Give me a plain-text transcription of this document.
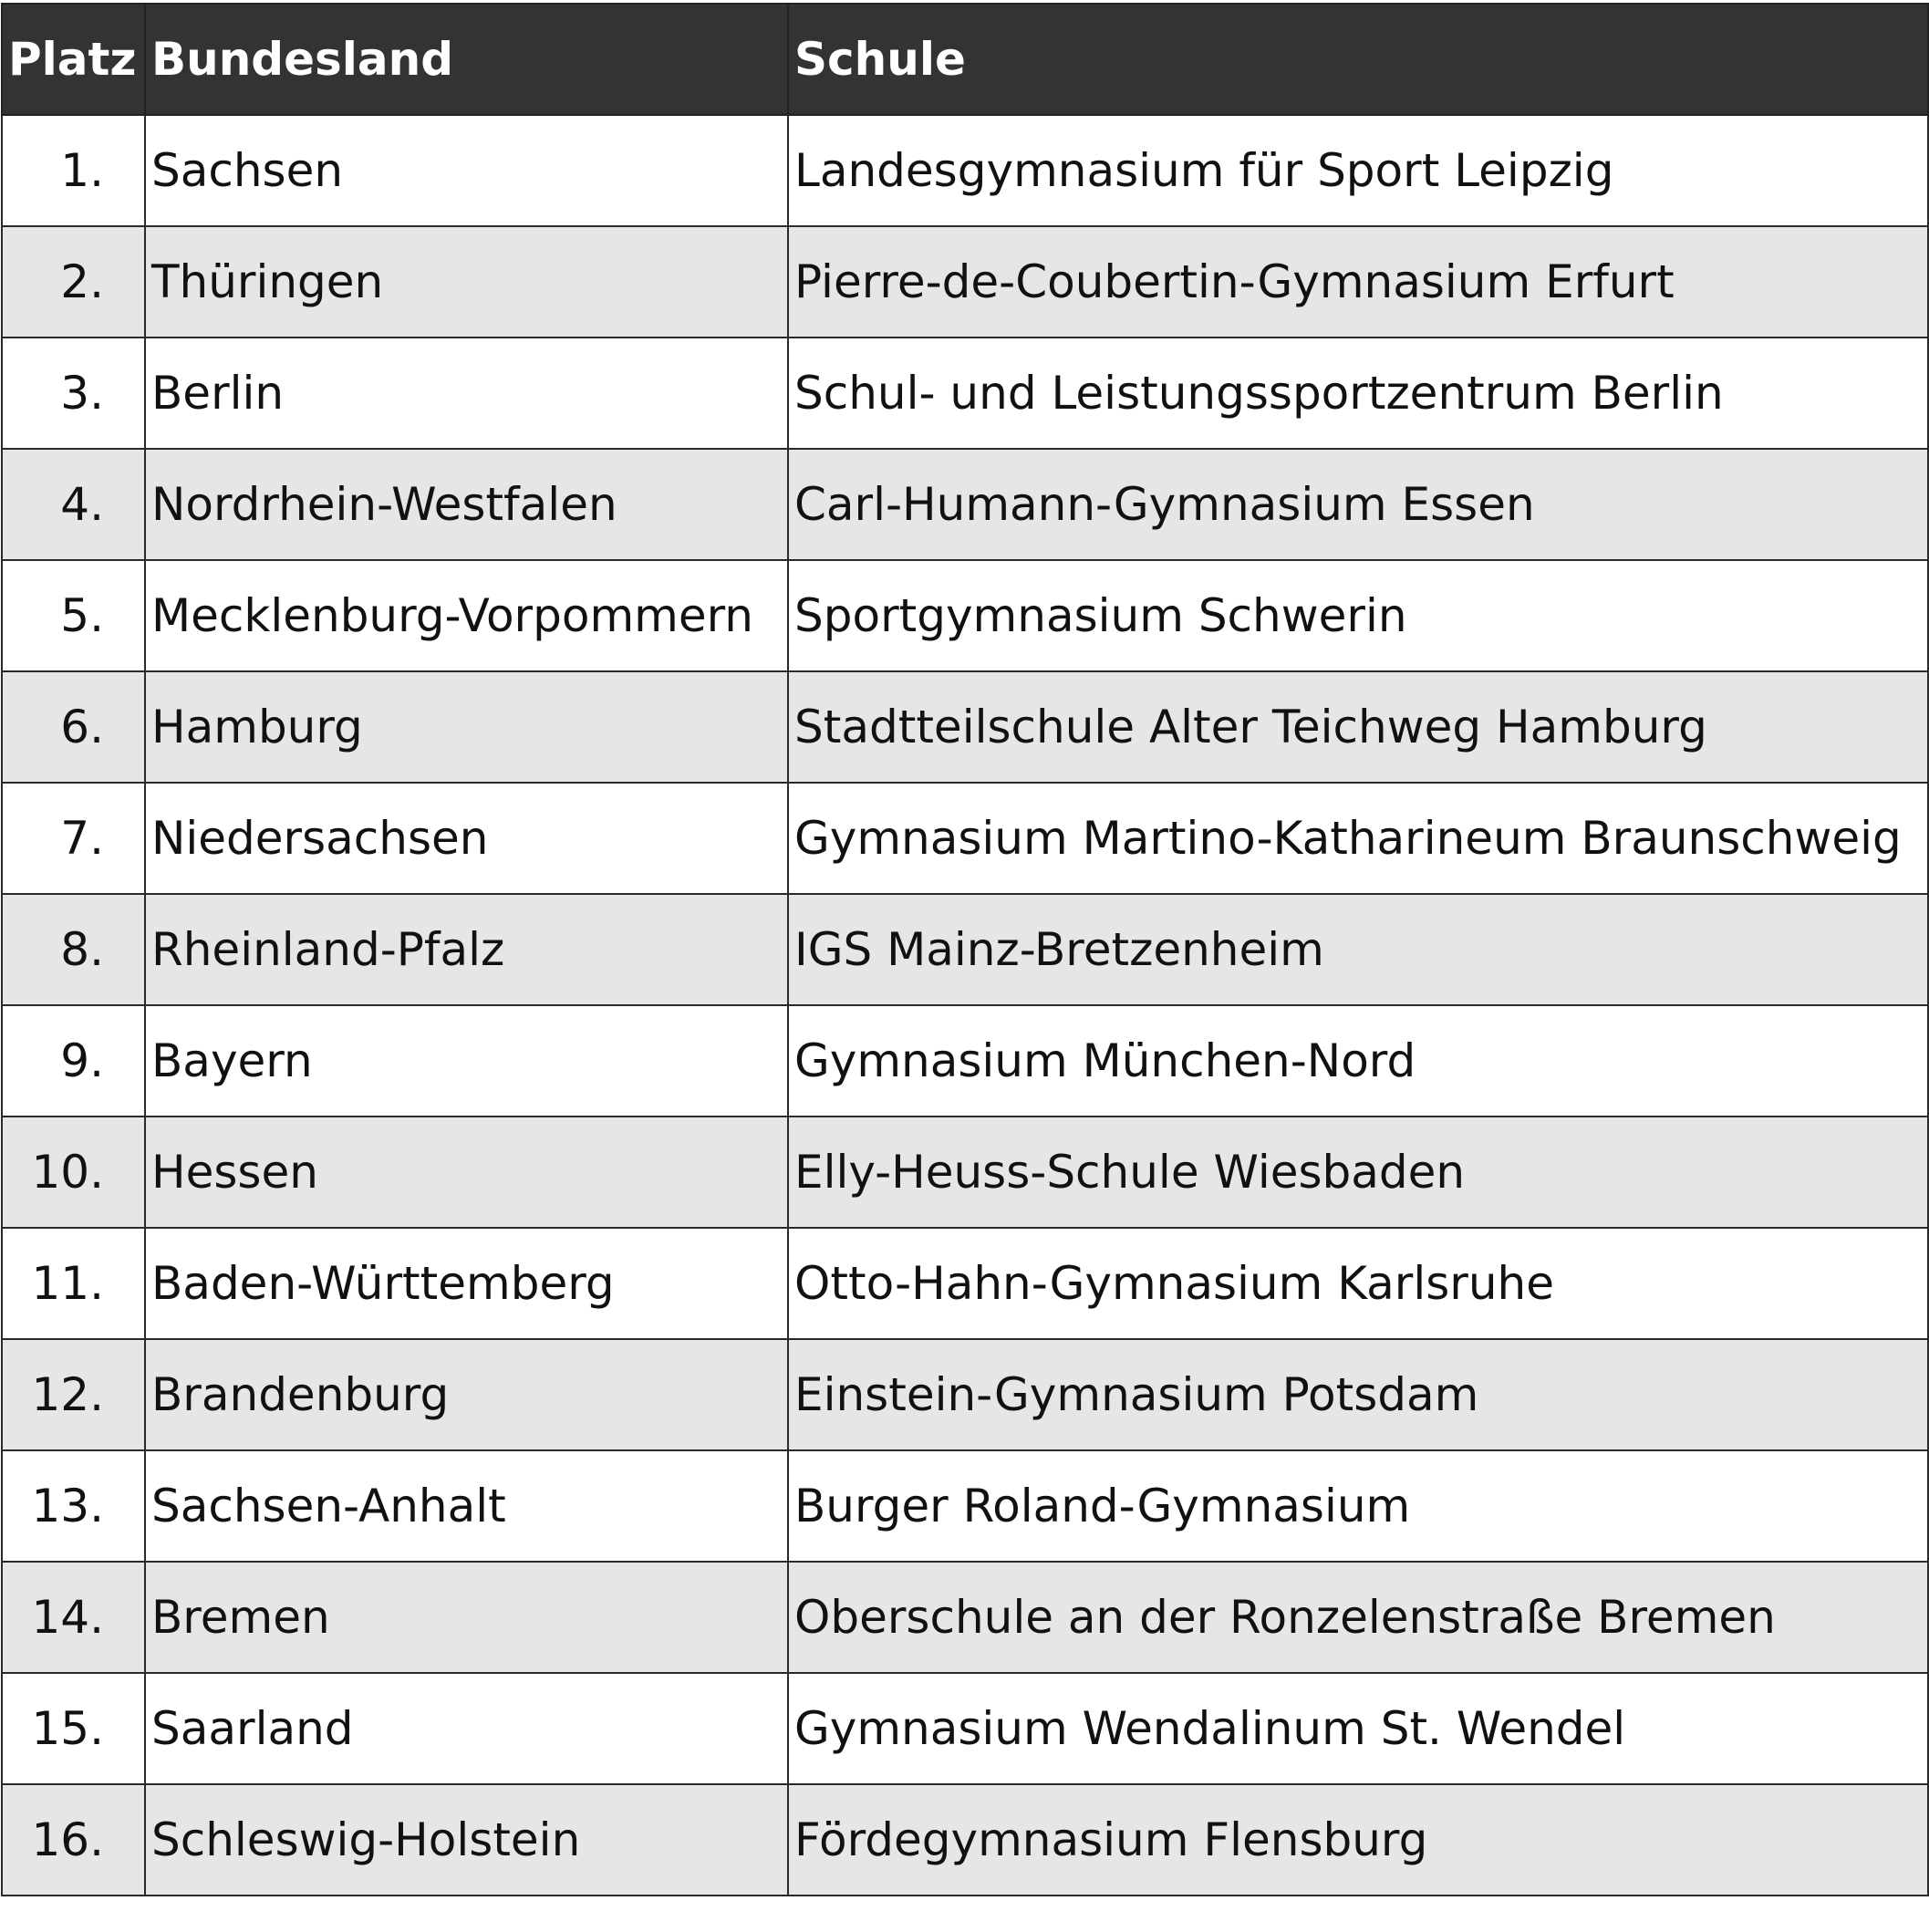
Platz	Bundesland	Schule
1.	Sachsen	Landesgymnasium für Sport Leipzig
2.	Thüringen	Pierre-de-Coubertin-Gymnasium Erfurt
3.	Berlin	Schul- und Leistungssportzentrum Berlin
4.	Nordrhein-Westfalen	Carl-Humann-Gymnasium Essen
5.	Mecklenburg-Vorpommern	Sportgymnasium Schwerin
6.	Hamburg	Stadtteilschule Alter Teichweg Hamburg
7.	Niedersachsen	Gymnasium Martino-Katharineum Braunschweig
8.	Rheinland-Pfalz	IGS Mainz-Bretzenheim
9.	Bayern	Gymnasium München-Nord
10.	Hessen	Elly-Heuss-Schule Wiesbaden
11.	Baden-Württemberg	Otto-Hahn-Gymnasium Karlsruhe
12.	Brandenburg	Einstein-Gymnasium Potsdam
13.	Sachsen-Anhalt	Burger Roland-Gymnasium
14.	Bremen	Oberschule an der Ronzelenstraße Bremen
15.	Saarland	Gymnasium Wendalinum St. Wendel
16.	Schleswig-Holstein	Fördegymnasium Flensburg
